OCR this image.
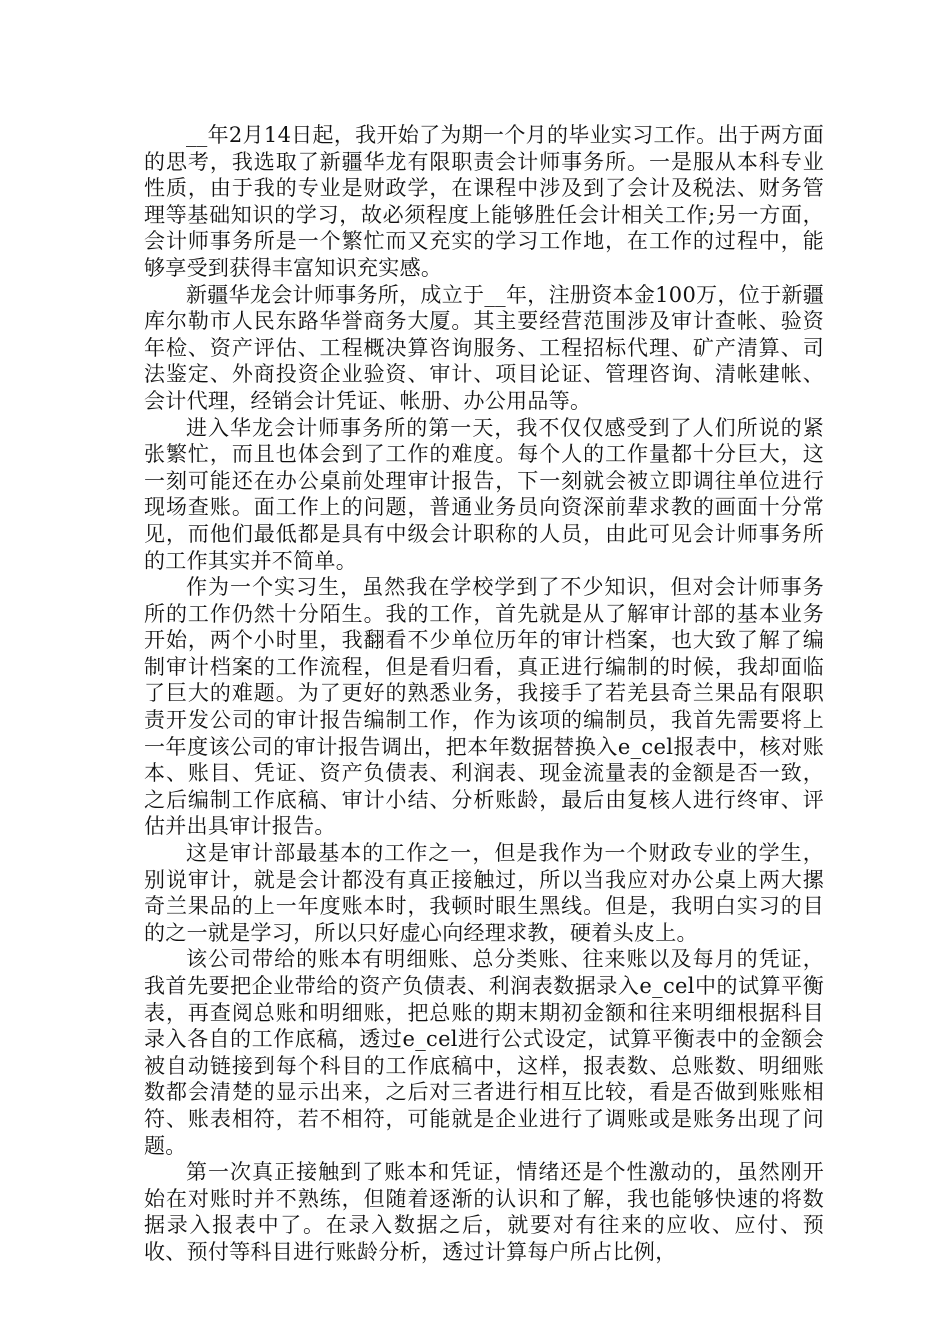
__年2月14日起，我开始了为期一个月的毕业实习工作。出于两方面的思考，我选取了新疆华龙有限职责会计师事务所。一是服从本科专业性质，由于我的专业是财政学，在课程中涉及到了会计及税法、财务管理等基础知识的学习，故必须程度上能够胜任会计相关工作;另一方面，会计师事务所是一个繁忙而又充实的学习工作地，在工作的过程中，能够享受到获得丰富知识充实感。

新疆华龙会计师事务所，成立于__年，注册资本金100万，位于新疆库尔勒市人民东路华誉商务大厦。其主要经营范围涉及审计查帐、验资年检、资产评估、工程概决算咨询服务、工程招标代理、矿产清算、司法鉴定、外商投资企业验资、审计、项目论证、管理咨询、清帐建帐、会计代理，经销会计凭证、帐册、办公用品等。

进入华龙会计师事务所的第一天，我不仅仅感受到了人们所说的紧张繁忙，而且也体会到了工作的难度。每个人的工作量都十分巨大，这一刻可能还在办公桌前处理审计报告，下一刻就会被立即调往单位进行现场查账。面工作上的问题，普通业务员向资深前辈求教的画面十分常见，而他们最低都是具有中级会计职称的人员，由此可见会计师事务所的工作其实并不简单。

作为一个实习生，虽然我在学校学到了不少知识，但对会计师事务所的工作仍然十分陌生。我的工作，首先就是从了解审计部的基本业务开始，两个小时里，我翻看不少单位历年的审计档案，也大致了解了编制审计档案的工作流程，但是看归看，真正进行编制的时候，我却面临了巨大的难题。为了更好的熟悉业务，我接手了若羌县奇兰果品有限职责开发公司的审计报告编制工作，作为该项的编制员，我首先需要将上一年度该公司的审计报告调出，把本年数据替换入e_cel报表中，核对账本、账目、凭证、资产负债表、利润表、现金流量表的金额是否一致，之后编制工作底稿、审计小结、分析账龄，最后由复核人进行终审、评估并出具审计报告。

这是审计部最基本的工作之一，但是我作为一个财政专业的学生，别说审计，就是会计都没有真正接触过，所以当我应对办公桌上两大摞奇兰果品的上一年度账本时，我顿时眼生黑线。但是，我明白实习的目的之一就是学习，所以只好虚心向经理求教，硬着头皮上。

该公司带给的账本有明细账、总分类账、往来账以及每月的凭证，我首先要把企业带给的资产负债表、利润表数据录入e_cel中的试算平衡表，再查阅总账和明细账，把总账的期末期初金额和往来明细根据科目录入各自的工作底稿，透过e_cel进行公式设定，试算平衡表中的金额会被自动链接到每个科目的工作底稿中，这样，报表数、总账数、明细账数都会清楚的显示出来，之后对三者进行相互比较，看是否做到账账相符、账表相符，若不相符，可能就是企业进行了调账或是账务出现了问题。

第一次真正接触到了账本和凭证，情绪还是个性激动的，虽然刚开始在对账时并不熟练，但随着逐渐的认识和了解，我也能够快速的将数据录入报表中了。在录入数据之后，就要对有往来的应收、应付、预收、预付等科目进行账龄分析，透过计算每户所占比例，
